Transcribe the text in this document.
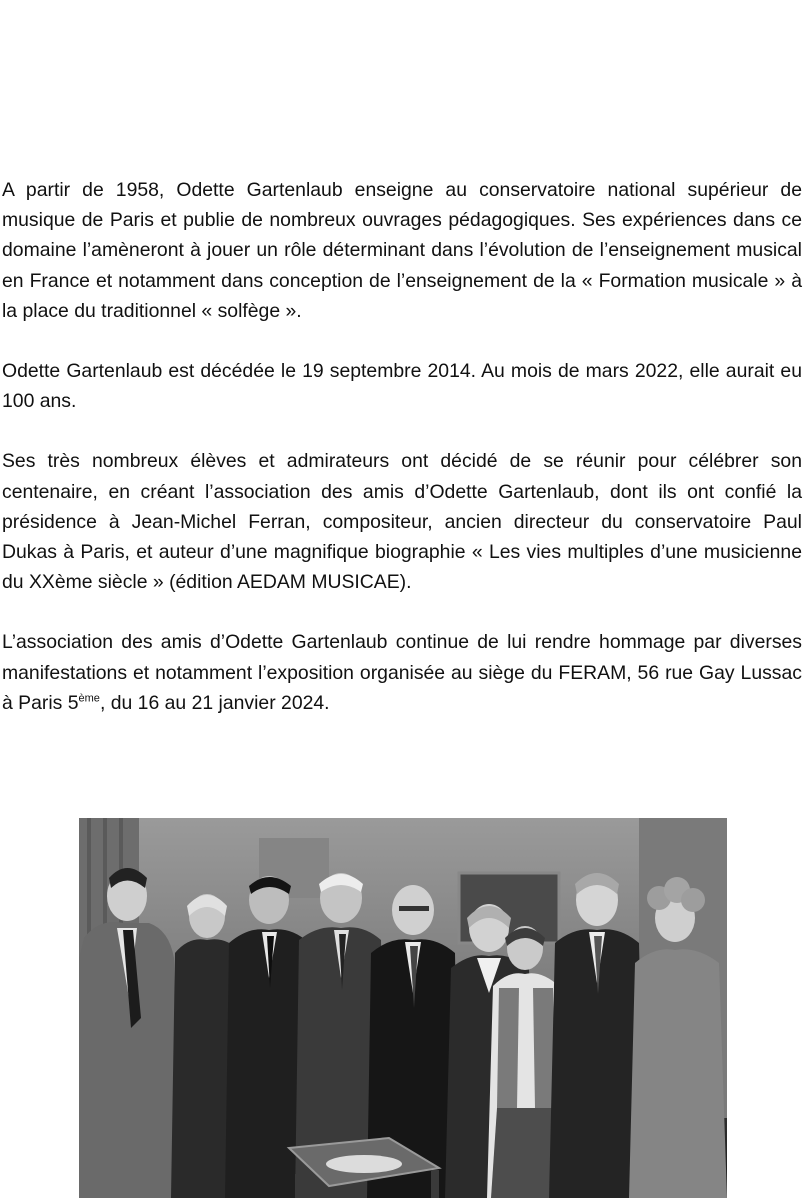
A partir de 1958, Odette Gartenlaub enseigne au conservatoire national supérieur de musique de Paris et publie de nombreux ouvrages pédagogiques. Ses expériences dans ce domaine l’amèneront à jouer un rôle déterminant dans l’évolution de l’enseignement musical en France et notamment dans conception de l’enseignement de la « Formation musicale » à la place du traditionnel « solfège ».

Odette Gartenlaub est décédée le 19 septembre 2014. Au mois de mars 2022, elle aurait eu 100 ans.

Ses très nombreux élèves et admirateurs ont décidé de se réunir pour célébrer son centenaire, en créant l’association des amis d’Odette Gartenlaub, dont ils ont confié la présidence à Jean-Michel Ferran, compositeur, ancien directeur du conservatoire Paul Dukas à Paris, et auteur d’une magnifique biographie « Les vies multiples d’une musicienne du XXème siècle » (édition AEDAM MUSICAE).

L’association des amis d’Odette Gartenlaub continue de lui rendre hommage par diverses manifestations et notamment l’exposition organisée au siège du FERAM, 56 rue Gay Lussac à Paris 5ème, du 16 au 21 janvier 2024.
